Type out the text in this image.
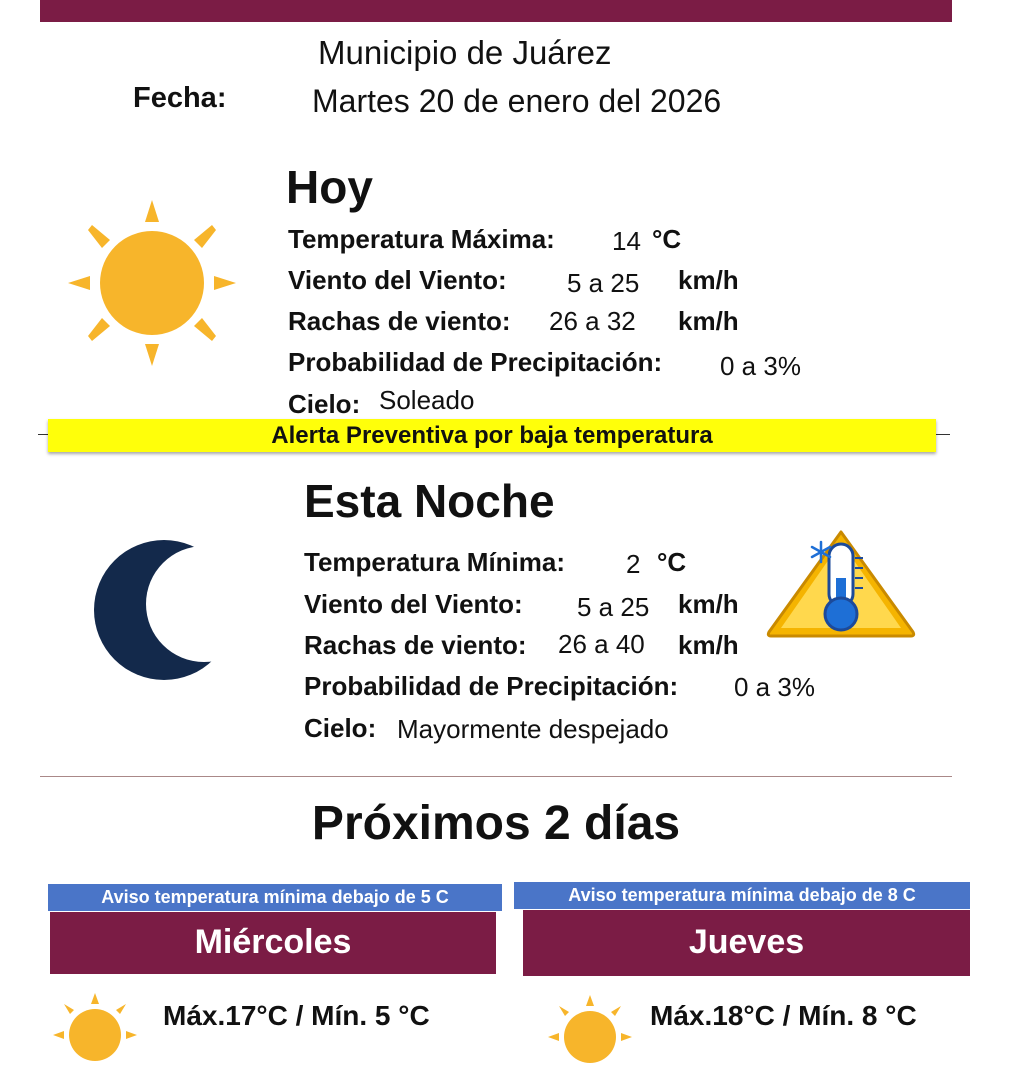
Municipio de Juárez
Fecha:	Martes 20 de enero del 2026
Hoy
Temperatura Máxima: 14 °C
Viento del Viento: 5 a 25 km/h
Rachas de viento: 26 a 32 km/h
Probabilidad de Precipitación: 0 a 3%
Cielo: Soleado
Alerta Preventiva por baja temperatura
Esta Noche
Temperatura Mínima: 2 °C
Viento del Viento: 5 a 25 km/h
Rachas de viento: 26 a 40 km/h
Probabilidad de Precipitación: 0 a 3%
Cielo: Mayormente despejado
Próximos 2 días
Aviso temperatura mínima debajo de 5 C
Miércoles
Máx.17°C / Mín. 5 °C
Aviso temperatura mínima debajo de 8 C
Jueves
Máx.18°C / Mín. 8 °C
